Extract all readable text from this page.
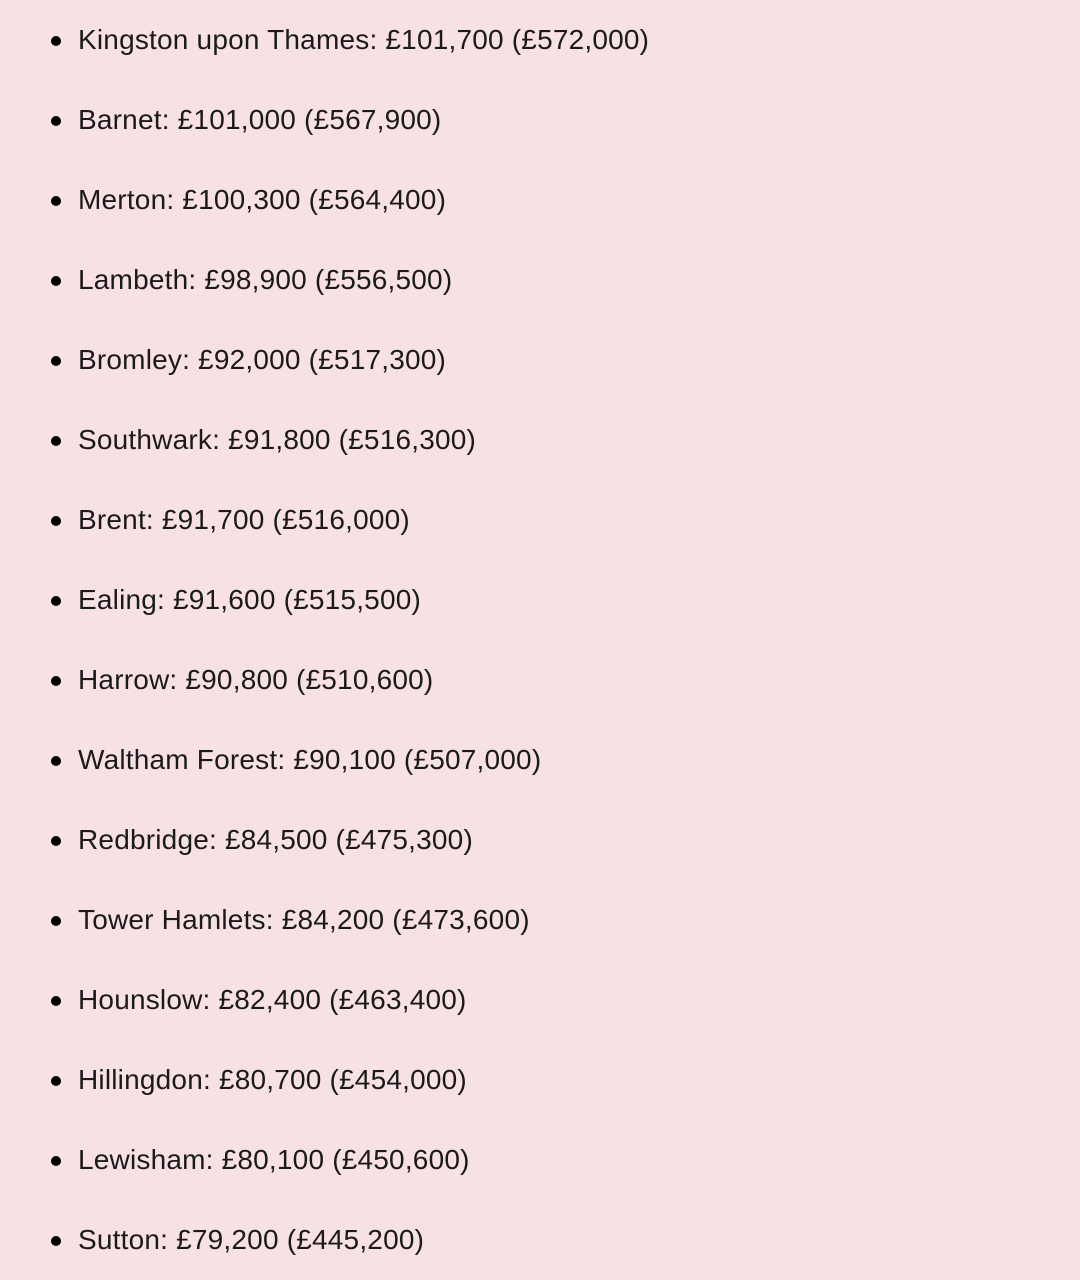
Kingston upon Thames: £101,700 (£572,000)
Barnet: £101,000 (£567,900)
Merton: £100,300 (£564,400)
Lambeth: £98,900 (£556,500)
Bromley: £92,000 (£517,300)
Southwark: £91,800 (£516,300)
Brent: £91,700 (£516,000)
Ealing: £91,600 (£515,500)
Harrow: £90,800 (£510,600)
Waltham Forest: £90,100 (£507,000)
Redbridge: £84,500 (£475,300)
Tower Hamlets: £84,200 (£473,600)
Hounslow: £82,400 (£463,400)
Hillingdon: £80,700 (£454,000)
Lewisham: £80,100 (£450,600)
Sutton: £79,200 (£445,200)
